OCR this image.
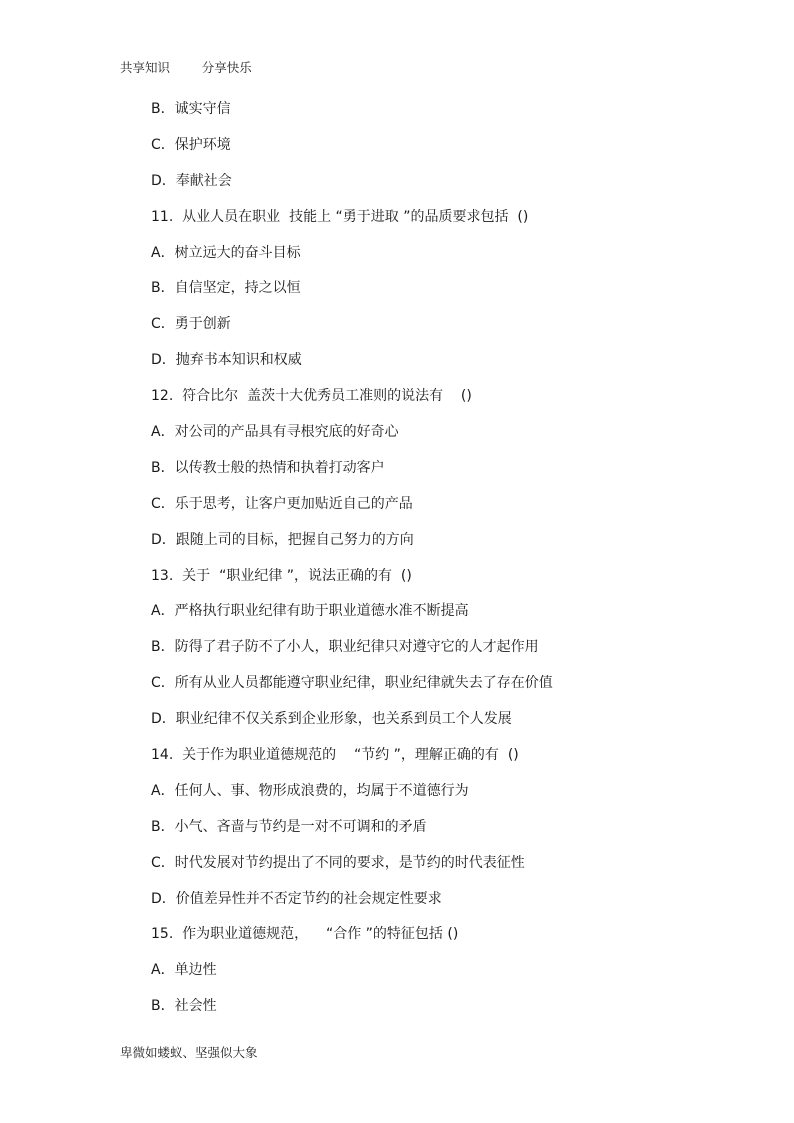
共享知识        分享快乐
B．诚实守信
C．保护环境
D．奉献社会
11.  从业人员在职业  技能上 “勇于进取 ”的品质要求包括  ()
A．树立远大的奋斗目标
B．自信坚定，持之以恒
C．勇于创新
D．抛弃书本知识和权威
12.  符合比尔  盖茨十大优秀员工准则的说法有    ()
A．对公司的产品具有寻根究底的好奇心
B．以传教士般的热情和执着打动客户
C．乐于思考，让客户更加贴近自己的产品
D．跟随上司的目标，把握自己努力的方向
13.  关于  “职业纪律 ”，说法正确的有  ()
A．严格执行职业纪律有助于职业道德水准不断提高
B．防得了君子防不了小人，职业纪律只对遵守它的人才起作用
C．所有从业人员都能遵守职业纪律，职业纪律就失去了存在价值
D．职业纪律不仅关系到企业形象，也关系到员工个人发展
14.  关于作为职业道德规范的    “节约 ”，理解正确的有  ()
A．任何人、事、物形成浪费的，均属于不道德行为
B．小气、吝啬与节约是一对不可调和的矛盾
C．时代发展对节约提出了不同的要求，是节约的时代表征性
D．价值差异性并不否定节约的社会规定性要求
15.  作为职业道德规范，    “合作 ”的特征包括 ()
A．单边性
B．社会性
卑微如蝼蚁、坚强似大象
